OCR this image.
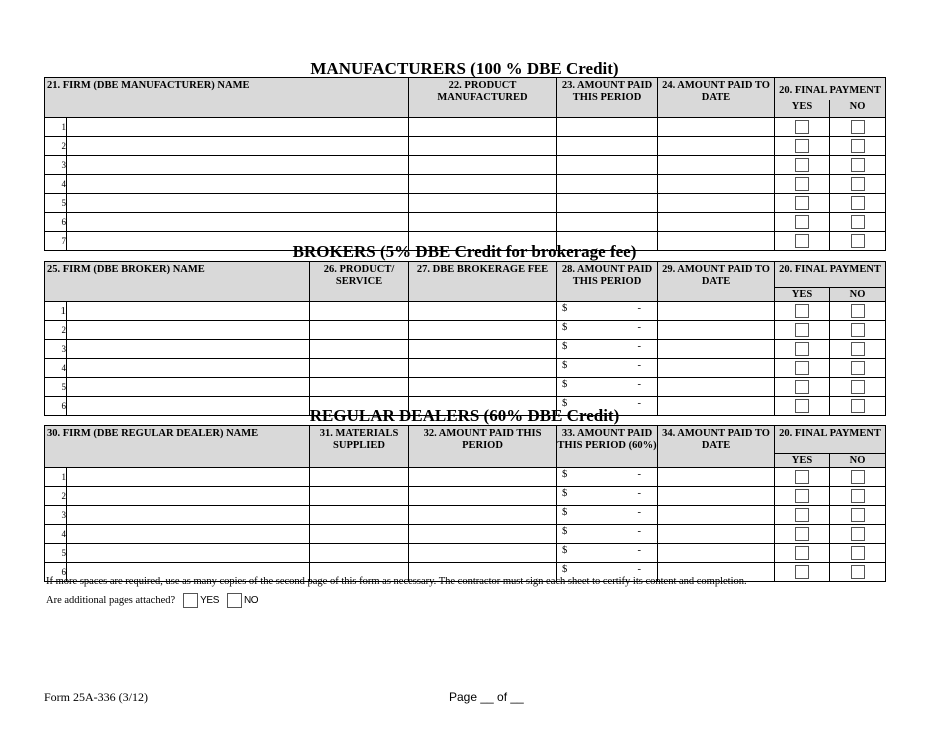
MANUFACTURERS (100 % DBE Credit)
21. FIRM (DBE MANUFACTURER) NAME		22. PRODUCT MANUFACTURED	23. AMOUNT PAID THIS PERIOD	24. AMOUNT PAID TO DATE	20. FINAL PAYMENT	
					YES	NO
1						
2						
3						
4						
5						
6						
7						
BROKERS (5% DBE Credit for brokerage fee)
25. FIRM (DBE BROKER) NAME		26. PRODUCT/ SERVICE	27. DBE BROKERAGE FEE	28. AMOUNT PAID THIS PERIOD	29. AMOUNT PAID TO DATE	20. FINAL PAYMENT	
						YES	NO
1				$ -			

2				$ -			

3				$ -			

4				$ -			

5				$ -			

6				$ -			

REGULAR DEALERS (60% DBE Credit)
30. FIRM (DBE REGULAR DEALER) NAME		31. MATERIALS SUPPLIED	32. AMOUNT PAID THIS PERIOD	33. AMOUNT PAID THIS PERIOD (60%)	34. AMOUNT PAID TO DATE	20. FINAL PAYMENT	
						YES	NO
1				$ -			

2				$ -			

3				$ -			

4				$ -			

5				$ -			

6				$ -			

If more spaces are required, use as many copies of the second page of this form as necessary. The contractor must sign each sheet to certify its content and completion.
Are additional pages attached?	YES	NO
Form 25A-336 (3/12)	Page __ of __
